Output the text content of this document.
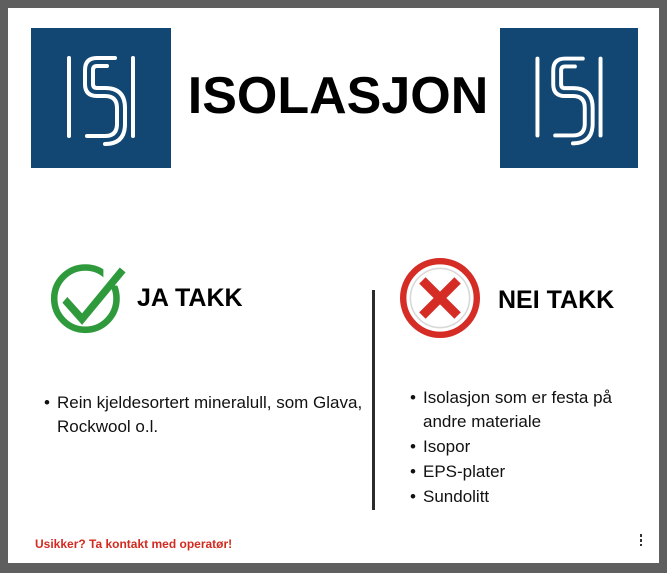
ISOLASJON
JA TAKK	NEI TAKK
• Rein kjeldesortert mineralull, som Glava, Rockwool o.l.
• Isolasjon som er festa på andre materiale
• Isopor
• EPS-plater
• Sundolitt
Usikker? Ta kontakt med operatør!
